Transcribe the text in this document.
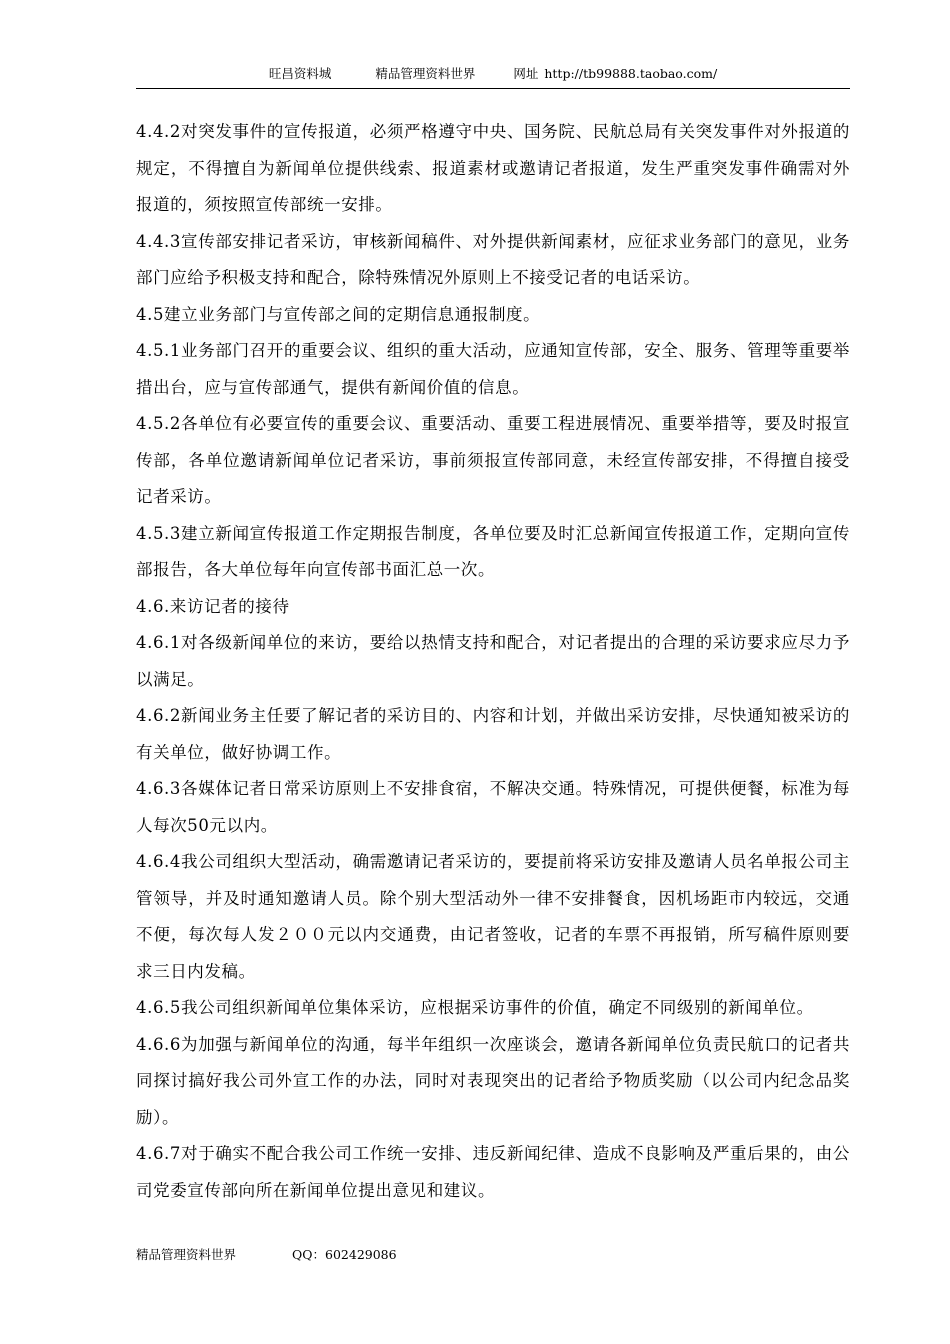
旺昌资料城	精品管理资料世界	网址 http://tb99888.taobao.com/

4.4.2对突发事件的宣传报道，必须严格遵守中央、国务院、民航总局有关突发事件对外报道的规定，不得擅自为新闻单位提供线索、报道素材或邀请记者报道，发生严重突发事件确需对外报道的，须按照宣传部统一安排。

4.4.3宣传部安排记者采访，审核新闻稿件、对外提供新闻素材，应征求业务部门的意见，业务部门应给予积极支持和配合，除特殊情况外原则上不接受记者的电话采访。

4.5建立业务部门与宣传部之间的定期信息通报制度。

4.5.1业务部门召开的重要会议、组织的重大活动，应通知宣传部，安全、服务、管理等重要举措出台，应与宣传部通气，提供有新闻价值的信息。

4.5.2各单位有必要宣传的重要会议、重要活动、重要工程进展情况、重要举措等，要及时报宣传部，各单位邀请新闻单位记者采访，事前须报宣传部同意，未经宣传部安排，不得擅自接受记者采访。

4.5.3建立新闻宣传报道工作定期报告制度，各单位要及时汇总新闻宣传报道工作，定期向宣传部报告，各大单位每年向宣传部书面汇总一次。

4.6.来访记者的接待

4.6.1对各级新闻单位的来访，要给以热情支持和配合，对记者提出的合理的采访要求应尽力予以满足。

4.6.2新闻业务主任要了解记者的采访目的、内容和计划，并做出采访安排，尽快通知被采访的有关单位，做好协调工作。

4.6.3各媒体记者日常采访原则上不安排食宿，不解决交通。特殊情况，可提供便餐，标准为每人每次50元以内。

4.6.4我公司组织大型活动，确需邀请记者采访的，要提前将采访安排及邀请人员名单报公司主管领导，并及时通知邀请人员。除个别大型活动外一律不安排餐食，因机场距市内较远，交通不便，每次每人发２００元以内交通费，由记者签收，记者的车票不再报销，所写稿件原则要求三日内发稿。

4.6.5我公司组织新闻单位集体采访，应根据采访事件的价值，确定不同级别的新闻单位。

4.6.6为加强与新闻单位的沟通，每半年组织一次座谈会，邀请各新闻单位负责民航口的记者共同探讨搞好我公司外宣工作的办法，同时对表现突出的记者给予物质奖励（以公司内纪念品奖励）。

4.6.7对于确实不配合我公司工作统一安排、违反新闻纪律、造成不良影响及严重后果的，由公司党委宣传部向所在新闻单位提出意见和建议。

精品管理资料世界	QQ：602429086
